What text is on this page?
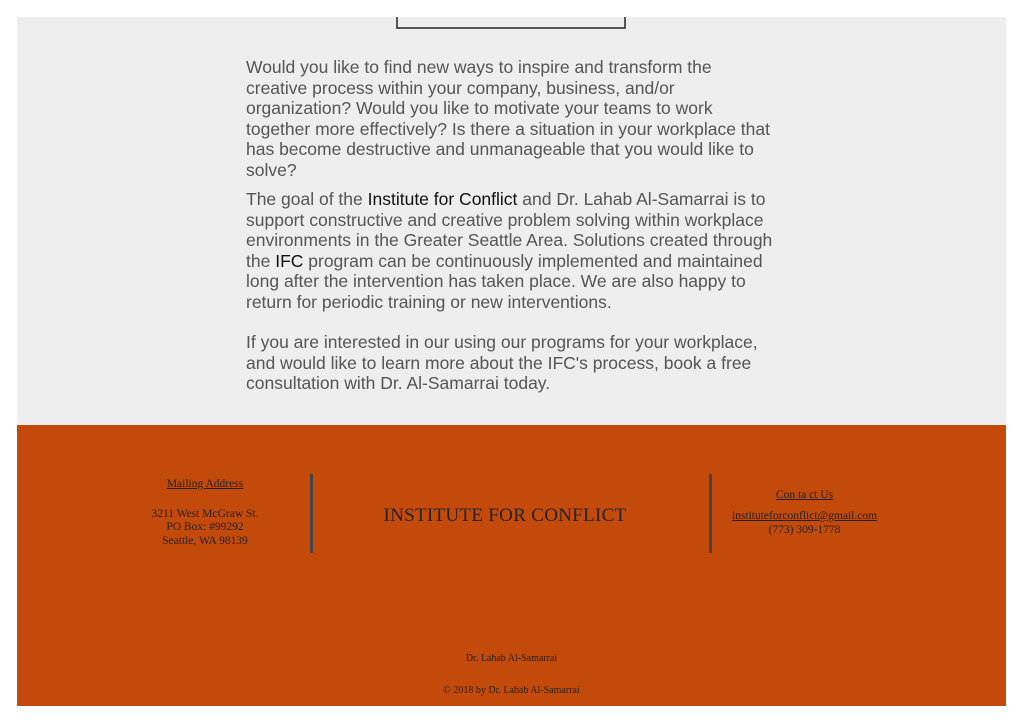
Would you like to find new ways to inspire and transform the creative process within your company, business, and/or organization? Would you like to motivate your teams to work together more effectively? Is there a situation in your workplace that has become destructive and unmanageable that you would like to solve?

The goal of the Institute for Conflict and Dr. Lahab Al-Samarrai is to support constructive and creative problem solving within workplace environments in the Greater Seattle Area. Solutions created through the IFC program can be continuously implemented and maintained long after the intervention has taken place. We are also happy to return for periodic training or new interventions.

If you are interested in our using our programs for your workplace, and would like to learn more about the IFC's process, book a free consultation with Dr. Al-Samarrai today.

Mailing Address
3211 West McGraw St.
PO Box: #99292
Seattle, WA 98139
INSTITUTE FOR CONFLICT
Con ta ct Us
instituteforconflict@gmail.com
(773) 309-1778
Dr. Lahab Al-Samarrai
© 2018 by Dr. Lahab Al-Samarrai
